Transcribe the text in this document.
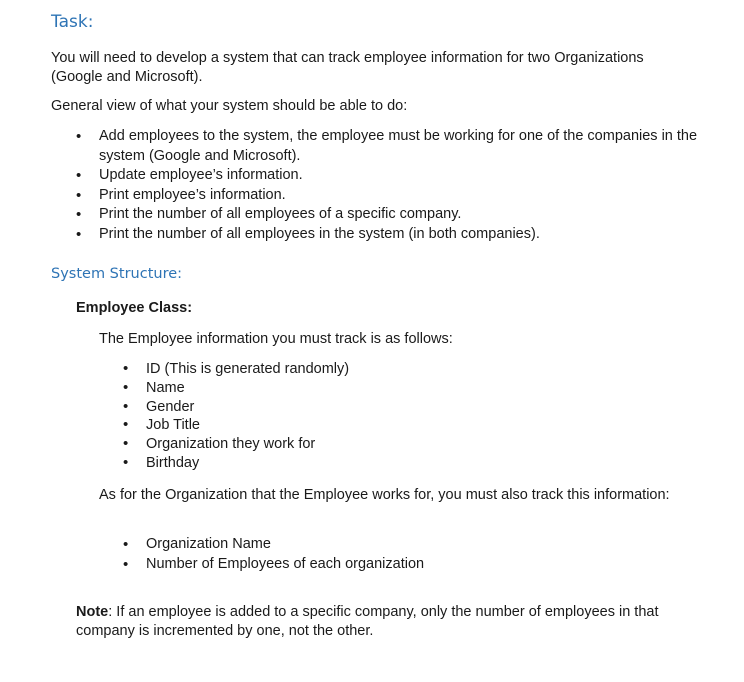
Task:

You will need to develop a system that can track employee information for two Organizations (Google and Microsoft).

General view of what your system should be able to do:

• Add employees to the system, the employee must be working for one of the companies in the system (Google and Microsoft).
• Update employee’s information.
• Print employee’s information.
• Print the number of all employees of a specific company.
• Print the number of all employees in the system (in both companies).
System Structure:

Employee Class:

The Employee information you must track is as follows:

• ID (This is generated randomly)
• Name
• Gender
• Job Title
• Organization they work for
• Birthday

As for the Organization that the Employee works for, you must also track this information:

• Organization Name
• Number of Employees of each organization

Note: If an employee is added to a specific company, only the number of employees in that company is incremented by one, not the other.
